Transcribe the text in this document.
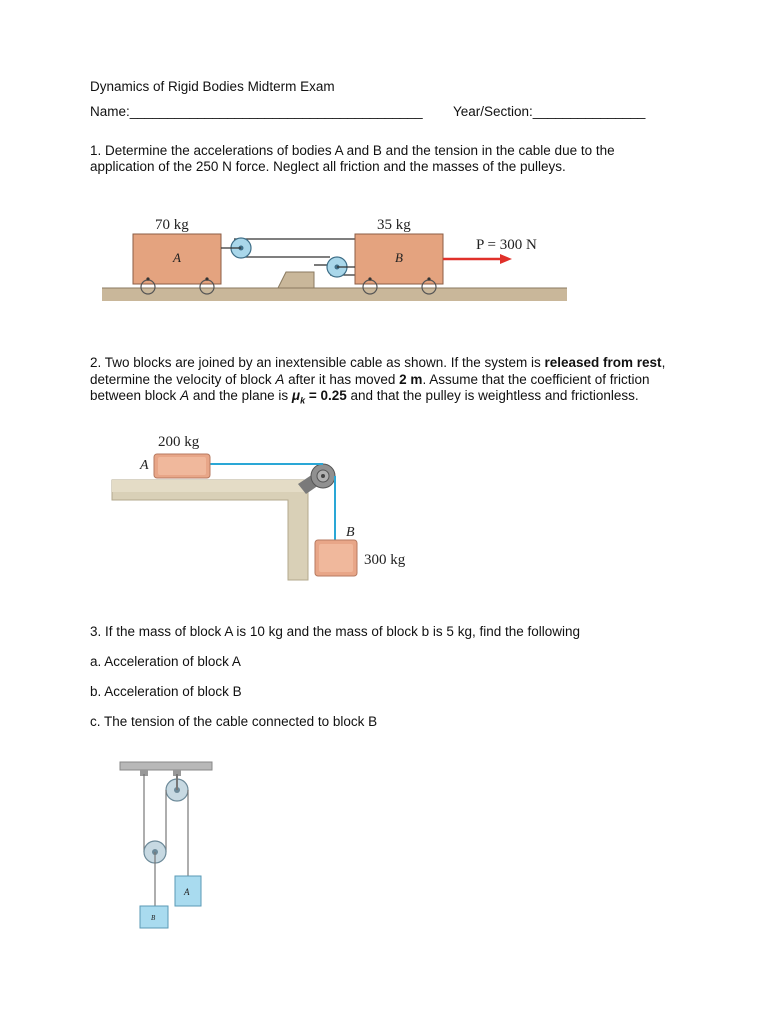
Dynamics of Rigid Bodies Midterm Exam
Name:_______________________________________ Year/Section:_______________
1. Determine the accelerations of bodies A and B and the tension in the cable due to the
application of the 250 N force. Neglect all friction and the masses of the pulleys.
70 kg	35 kg
A	B
P = 300 N
2. Two blocks are joined by an inextensible cable as shown. If the system is released from rest, determine the velocity of block A after it has moved 2 m. Assume that the coefficient of friction between block A and the plane is $\mu_k = 0.25$ and that the pulley is weightless and frictionless.
200 kg
A
B
300 kg
3. If the mass of block A is 10 kg and the mass of block b is 5 kg, find the following
a. Acceleration of block A
b. Acceleration of block B
c. The tension of the cable connected to block B
A
B
